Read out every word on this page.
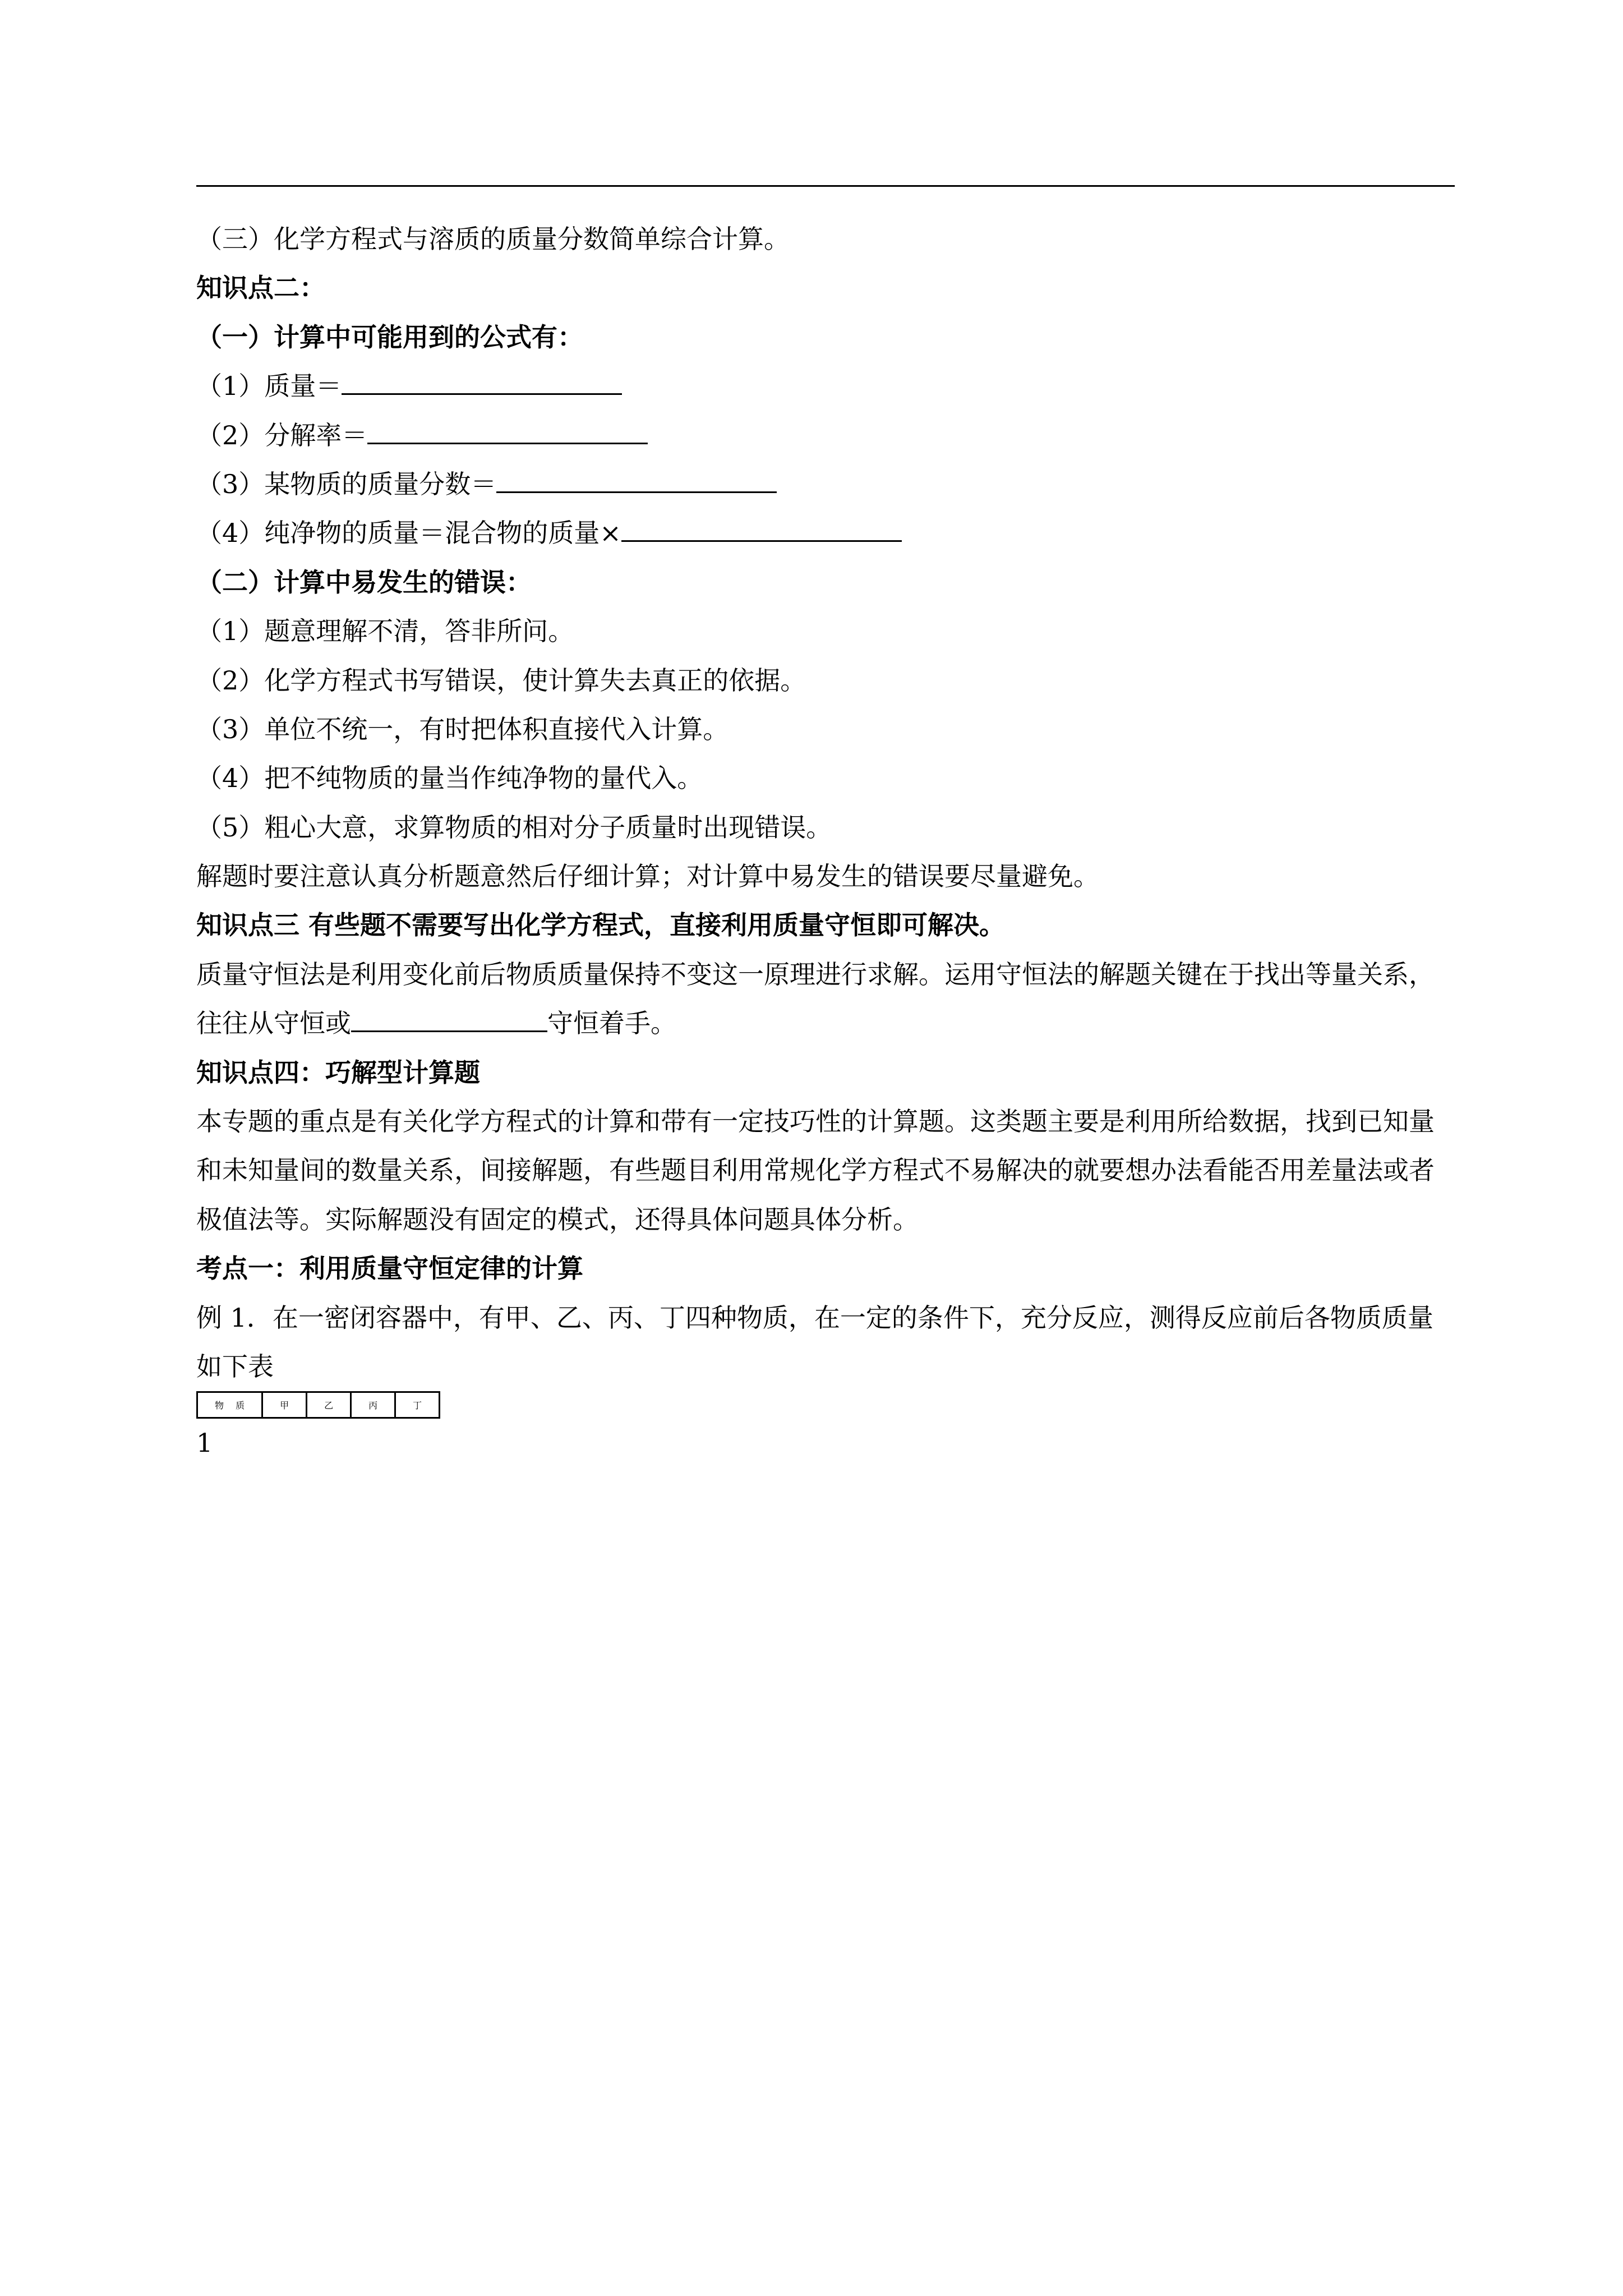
（三）化学方程式与溶质的质量分数简单综合计算。

知识点二：

（一）计算中可能用到的公式有：

（1）质量＝
（2）分解率＝
（3）某物质的质量分数＝
（4）纯净物的质量＝混合物的质量×

（二）计算中易发生的错误：

（1）题意理解不清，答非所问。

（2）化学方程式书写错误，使计算失去真正的依据。

（3）单位不统一，有时把体积直接代入计算。

（4）把不纯物质的量当作纯净物的量代入。

（5）粗心大意，求算物质的相对分子质量时出现错误。

解题时要注意认真分析题意然后仔细计算；对计算中易发生的错误要尽量避免。

知识点三 有些题不需要写出化学方程式，直接利用质量守恒即可解决。

质量守恒法是利用变化前后物质质量保持不变这一原理进行求解。运用守恒法的解题关键在于找出等量关系，往往从守恒或	守恒着手。

知识点四：巧解型计算题

本专题的重点是有关化学方程式的计算和带有一定技巧性的计算题。这类题主要是利用所给数据，找到已知量和未知量间的数量关系，间接解题，有些题目利用常规化学方程式不易解决的就要想办法看能否用差量法或者极值法等。实际解题没有固定的模式，还得具体问题具体分析。

考点一：利用质量守恒定律的计算

例 1．在一密闭容器中，有甲、乙、丙、丁四种物质，在一定的条件下，充分反应，测得反应前后各物质质量如下表

物　 质	甲	乙	丙	丁

1
